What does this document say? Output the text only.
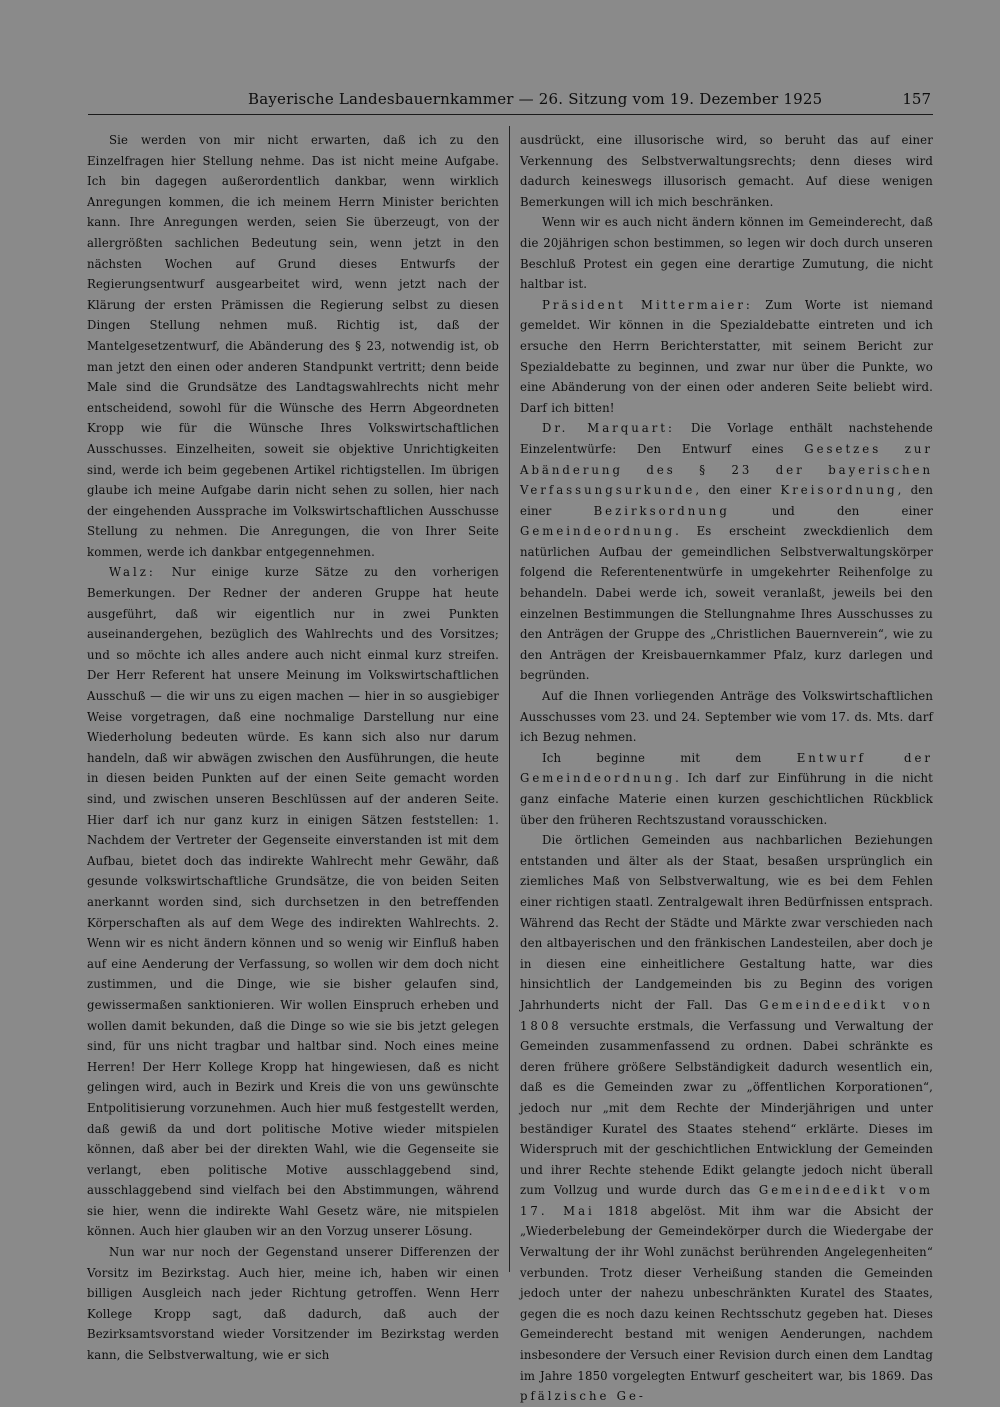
Bayerische Landesbauernkammer — 26. Sitzung vom 19. Dezember 1925	157

Sie werden von mir nicht erwarten, daß ich zu den Einzelfragen hier Stellung nehme. Das ist nicht meine Aufgabe. Ich bin dagegen außerordentlich dankbar, wenn wirklich Anregungen kommen, die ich meinem Herrn Minister berichten kann. Ihre Anregungen werden, seien Sie überzeugt, von der allergrößten sachlichen Bedeutung sein, wenn jetzt in den nächsten Wochen auf Grund dieses Entwurfs der Regierungsentwurf ausgearbeitet wird, wenn jetzt nach der Klärung der ersten Prämissen die Regierung selbst zu diesen Dingen Stellung nehmen muß. Richtig ist, daß der Mantelgesetzentwurf, die Abänderung des § 23, notwendig ist, ob man jetzt den einen oder anderen Standpunkt vertritt; denn beide Male sind die Grundsätze des Landtagswahlrechts nicht mehr entscheidend, sowohl für die Wünsche des Herrn Abgeordneten Kropp wie für die Wünsche Ihres Volkswirtschaftlichen Ausschusses. Einzelheiten, soweit sie objektive Unrichtigkeiten sind, werde ich beim gegebenen Artikel richtigstellen. Im übrigen glaube ich meine Aufgabe darin nicht sehen zu sollen, hier nach der eingehenden Aussprache im Volkswirtschaftlichen Ausschusse Stellung zu nehmen. Die Anregungen, die von Ihrer Seite kommen, werde ich dankbar entgegennehmen.

Walz: Nur einige kurze Sätze zu den vorherigen Bemerkungen. Der Redner der anderen Gruppe hat heute ausgeführt, daß wir eigentlich nur in zwei Punkten auseinandergehen, bezüglich des Wahlrechts und des Vorsitzes; und so möchte ich alles andere auch nicht einmal kurz streifen. Der Herr Referent hat unsere Meinung im Volkswirtschaftlichen Ausschuß — die wir uns zu eigen machen — hier in so ausgiebiger Weise vorgetragen, daß eine nochmalige Darstellung nur eine Wiederholung bedeuten würde. Es kann sich also nur darum handeln, daß wir abwägen zwischen den Ausführungen, die heute in diesen beiden Punkten auf der einen Seite gemacht worden sind, und zwischen unseren Beschlüssen auf der anderen Seite. Hier darf ich nur ganz kurz in einigen Sätzen feststellen: 1. Nachdem der Vertreter der Gegenseite einverstanden ist mit dem Aufbau, bietet doch das indirekte Wahlrecht mehr Gewähr, daß gesunde volkswirtschaftliche Grundsätze, die von beiden Seiten anerkannt worden sind, sich durchsetzen in den betreffenden Körperschaften als auf dem Wege des indirekten Wahlrechts. 2. Wenn wir es nicht ändern können und so wenig wir Einfluß haben auf eine Aenderung der Verfassung, so wollen wir dem doch nicht zustimmen, und die Dinge, wie sie bisher gelaufen sind, gewissermaßen sanktionieren. Wir wollen Einspruch erheben und wollen damit bekunden, daß die Dinge so wie sie bis jetzt gelegen sind, für uns nicht tragbar und haltbar sind. Noch eines meine Herren! Der Herr Kollege Kropp hat hingewiesen, daß es nicht gelingen wird, auch in Bezirk und Kreis die von uns gewünschte Entpolitisierung vorzunehmen. Auch hier muß festgestellt werden, daß gewiß da und dort politische Motive wieder mitspielen können, daß aber bei der direkten Wahl, wie die Gegenseite sie verlangt, eben politische Motive ausschlaggebend sind, ausschlaggebend sind vielfach bei den Abstimmungen, während sie hier, wenn die indirekte Wahl Gesetz wäre, nie mitspielen können. Auch hier glauben wir an den Vorzug unserer Lösung.

Nun war nur noch der Gegenstand unserer Differenzen der Vorsitz im Bezirkstag. Auch hier, meine ich, haben wir einen billigen Ausgleich nach jeder Richtung getroffen. Wenn Herr Kollege Kropp sagt, daß dadurch, daß auch der Bezirksamtsvorstand wieder Vorsitzender im Bezirkstag werden kann, die Selbstverwaltung, wie er sich

ausdrückt, eine illusorische wird, so beruht das auf einer Verkennung des Selbstverwaltungsrechts; denn dieses wird dadurch keineswegs illusorisch gemacht. Auf diese wenigen Bemerkungen will ich mich beschränken.

Wenn wir es auch nicht ändern können im Gemeinderecht, daß die 20jährigen schon bestimmen, so legen wir doch durch unseren Beschluß Protest ein gegen eine derartige Zumutung, die nicht haltbar ist.

Präsident Mittermaier: Zum Worte ist niemand gemeldet. Wir können in die Spezialdebatte eintreten und ich ersuche den Herrn Berichterstatter, mit seinem Bericht zur Spezialdebatte zu beginnen, und zwar nur über die Punkte, wo eine Abänderung von der einen oder anderen Seite beliebt wird. Darf ich bitten!

Dr. Marquart: Die Vorlage enthält nachstehende Einzelentwürfe: Den Entwurf eines Gesetzes zur Abänderung des § 23 der bayerischen Verfassungsurkunde, den einer Kreisordnung, den einer Bezirksordnung und den einer Gemeindeordnung. Es erscheint zweckdienlich dem natürlichen Aufbau der gemeindlichen Selbstverwaltungskörper folgend die Referentenentwürfe in umgekehrter Reihenfolge zu behandeln. Dabei werde ich, soweit veranlaßt, jeweils bei den einzelnen Bestimmungen die Stellungnahme Ihres Ausschusses zu den Anträgen der Gruppe des „Christlichen Bauernverein“, wie zu den Anträgen der Kreisbauernkammer Pfalz, kurz darlegen und begründen.

Auf die Ihnen vorliegenden Anträge des Volkswirtschaftlichen Ausschusses vom 23. und 24. September wie vom 17. ds. Mts. darf ich Bezug nehmen.

Ich beginne mit dem Entwurf der Gemeindeordnung. Ich darf zur Einführung in die nicht ganz einfache Materie einen kurzen geschichtlichen Rückblick über den früheren Rechtszustand vorausschicken.

Die örtlichen Gemeinden aus nachbarlichen Beziehungen entstanden und älter als der Staat, besaßen ursprünglich ein ziemliches Maß von Selbstverwaltung, wie es bei dem Fehlen einer richtigen staatl. Zentralgewalt ihren Bedürfnissen entsprach. Während das Recht der Städte und Märkte zwar verschieden nach den altbayerischen und den fränkischen Landesteilen, aber doch je in diesen eine einheitlichere Gestaltung hatte, war dies hinsichtlich der Landgemeinden bis zu Beginn des vorigen Jahrhunderts nicht der Fall. Das Gemeindeedikt von 1808 versuchte erstmals, die Verfassung und Verwaltung der Gemeinden zusammenfassend zu ordnen. Dabei schränkte es deren frühere größere Selbständigkeit dadurch wesentlich ein, daß es die Gemeinden zwar zu „öffentlichen Korporationen“, jedoch nur „mit dem Rechte der Minderjährigen und unter beständiger Kuratel des Staates stehend“ erklärte. Dieses im Widerspruch mit der geschichtlichen Entwicklung der Gemeinden und ihrer Rechte stehende Edikt gelangte jedoch nicht überall zum Vollzug und wurde durch das Gemeindeedikt vom 17. Mai 1818 abgelöst. Mit ihm war die Absicht der „Wiederbelebung der Gemeindekörper durch die Wiedergabe der Verwaltung der ihr Wohl zunächst berührenden Angelegenheiten“ verbunden. Trotz dieser Verheißung standen die Gemeinden jedoch unter der nahezu unbeschränkten Kuratel des Staates, gegen die es noch dazu keinen Rechtsschutz gegeben hat. Dieses Gemeinderecht bestand mit wenigen Aenderungen, nachdem insbesondere der Versuch einer Revision durch einen dem Landtag im Jahre 1850 vorgelegten Entwurf gescheitert war, bis 1869. Das pfälzische Ge-
